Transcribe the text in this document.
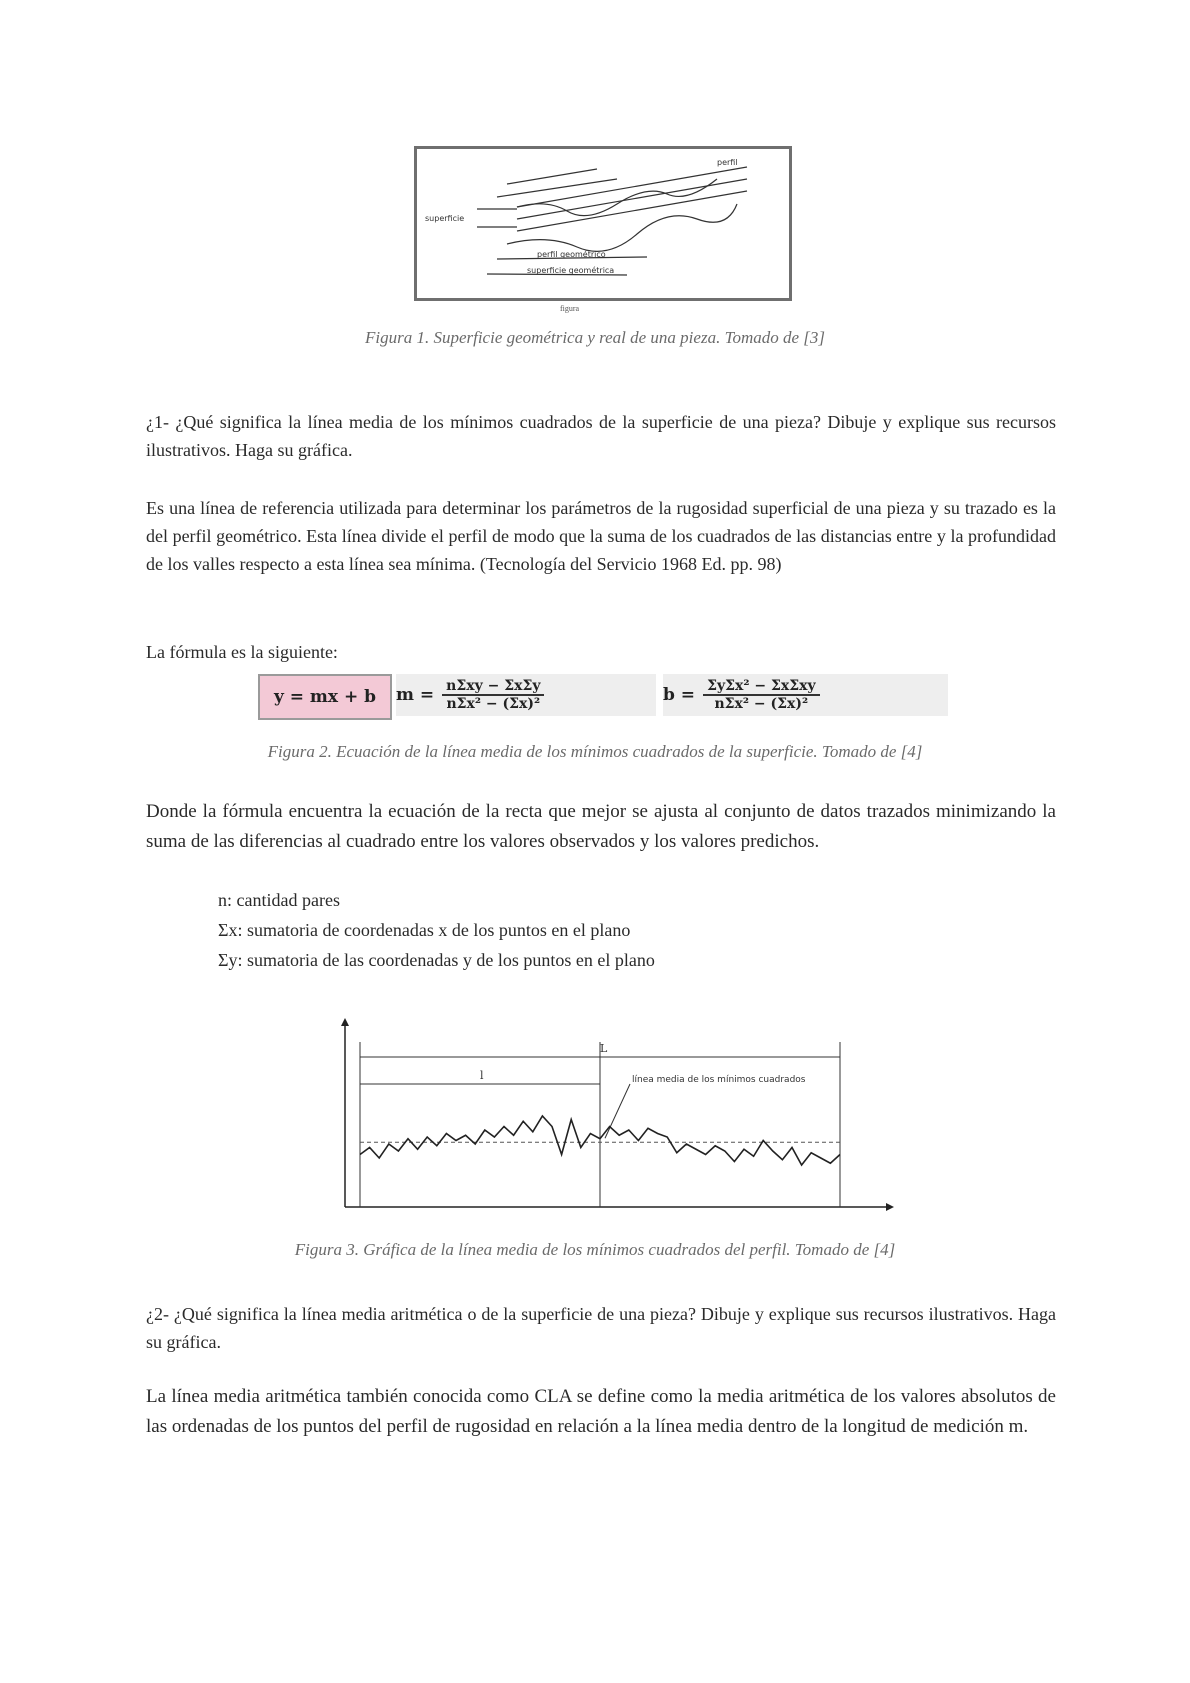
superficie
perfil
perfil geométrico
superficie geométrica
figura
Figura 1. Superficie geométrica y real de una pieza. Tomado de [3]
¿1- ¿Qué significa la línea media de los mínimos cuadrados de la superficie de una pieza? Dibuje y explique sus recursos ilustrativos. Haga su gráfica.
Es una línea de referencia utilizada para determinar los parámetros de la rugosidad superficial de una pieza y su trazado es la del perfil geométrico. Esta línea divide el perfil de modo que la suma de los cuadrados de las distancias entre y la profundidad de los valles respecto a esta línea sea mínima. (Tecnología del Servicio 1968 Ed. pp. 98)
La fórmula es la siguiente:
y = mx + b $m = \frac{\text{nΣxy − ΣxΣy}}{\text{nΣx² − (Σx)²}}$	$b = \frac{\text{ΣyΣx² − ΣxΣxy}}{\text{nΣx² − (Σx)²}}$
Figura 2. Ecuación de la línea media de los mínimos cuadrados de la superficie. Tomado de [4]
Donde la fórmula encuentra la ecuación de la recta que mejor se ajusta al conjunto de datos trazados minimizando la suma de las diferencias al cuadrado entre los valores observados y los valores predichos.
n: cantidad pares
Σx: sumatoria de coordenadas x de los puntos en el plano
Σy: sumatoria de las coordenadas y de los puntos en el plano
L
l	línea media de los mínimos cuadrados
Figura 3. Gráfica de la línea media de los mínimos cuadrados del perfil. Tomado de [4]
¿2- ¿Qué significa la línea media aritmética o de la superficie de una pieza? Dibuje y explique sus recursos ilustrativos. Haga su gráfica.
La línea media aritmética también conocida como CLA se define como la media aritmética de los valores absolutos de las ordenadas de los puntos del perfil de rugosidad en relación a la línea media dentro de la longitud de medición m.
